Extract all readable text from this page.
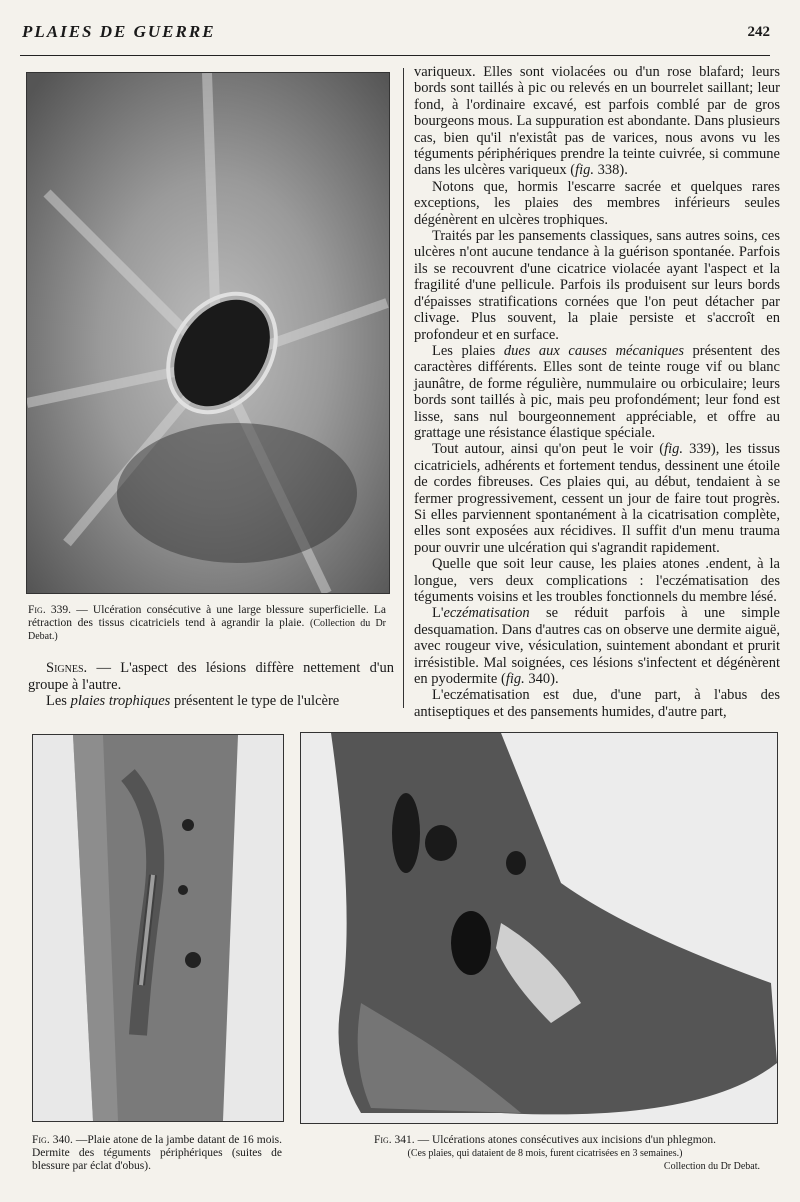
PLAIES DE GUERRE	242
Fig. 339. — Ulcération consécutive à une large blessure superficielle. La rétraction des tissus cicatriciels tend à agrandir la plaie. (Collection du Dr Debat.)

Signes. — L'aspect des lésions diffère nettement d'un groupe à l'autre.

Les plaies trophiques présentent le type de l'ulcère

variqueux. Elles sont violacées ou d'un rose blafard; leurs bords sont taillés à pic ou relevés en un bourrelet saillant; leur fond, à l'ordinaire excavé, est parfois comblé par de gros bourgeons mous. La suppuration est abondante. Dans plusieurs cas, bien qu'il n'existât pas de varices, nous avons vu les téguments périphériques prendre la teinte cuivrée, si commune dans les ulcères variqueux (fig. 338).

Notons que, hormis l'escarre sacrée et quelques rares exceptions, les plaies des membres inférieurs seules dégénèrent en ulcères trophiques.

Traités par les pansements classiques, sans autres soins, ces ulcères n'ont aucune tendance à la guérison spontanée. Parfois ils se recouvrent d'une cicatrice violacée ayant l'aspect et la fragilité d'une pellicule. Parfois ils produisent sur leurs bords d'épaisses stratifications cornées que l'on peut détacher par clivage. Plus souvent, la plaie persiste et s'accroît en profondeur et en surface.

Les plaies dues aux causes mécaniques présentent des caractères différents. Elles sont de teinte rouge vif ou blanc jaunâtre, de forme régulière, nummulaire ou orbiculaire; leurs bords sont taillés à pic, mais peu profondément; leur fond est lisse, sans nul bourgeonnement appréciable, et offre au grattage une résistance élastique spéciale.

Tout autour, ainsi qu'on peut le voir (fig. 339), les tissus cicatriciels, adhérents et fortement tendus, dessinent une étoile de cordes fibreuses. Ces plaies qui, au début, tendaient à se fermer progressivement, cessent un jour de faire tout progrès. Si elles parviennent spontanément à la cicatrisation complète, elles sont exposées aux récidives. Il suffit d'un menu trauma pour ouvrir une ulcération qui s'agrandit rapidement.

Quelle que soit leur cause, les plaies atones .endent, à la longue, vers deux complications : l'eczématisation des téguments voisins et les troubles fonctionnels du membre lésé.

L'eczématisation se réduit parfois à une simple desquamation. Dans d'autres cas on observe une dermite aiguë, avec rougeur vive, vésiculation, suintement abondant et prurit irrésistible. Mal soignées, ces lésions s'infectent et dégénèrent en pyodermite (fig. 340).

L'eczématisation est due, d'une part, à l'abus des antiseptiques et des pansements humides, d'autre part,

Fig. 340. —Plaie atone de la jambe datant de 16 mois. Dermite des téguments périphériques (suites de blessure par éclat d'obus).
Fig. 341. — Ulcérations atones consécutives aux incisions d'un phlegmon.
(Ces plaies, qui dataient de 8 mois, furent cicatrisées en 3 semaines.)
Collection du Dr Debat.
